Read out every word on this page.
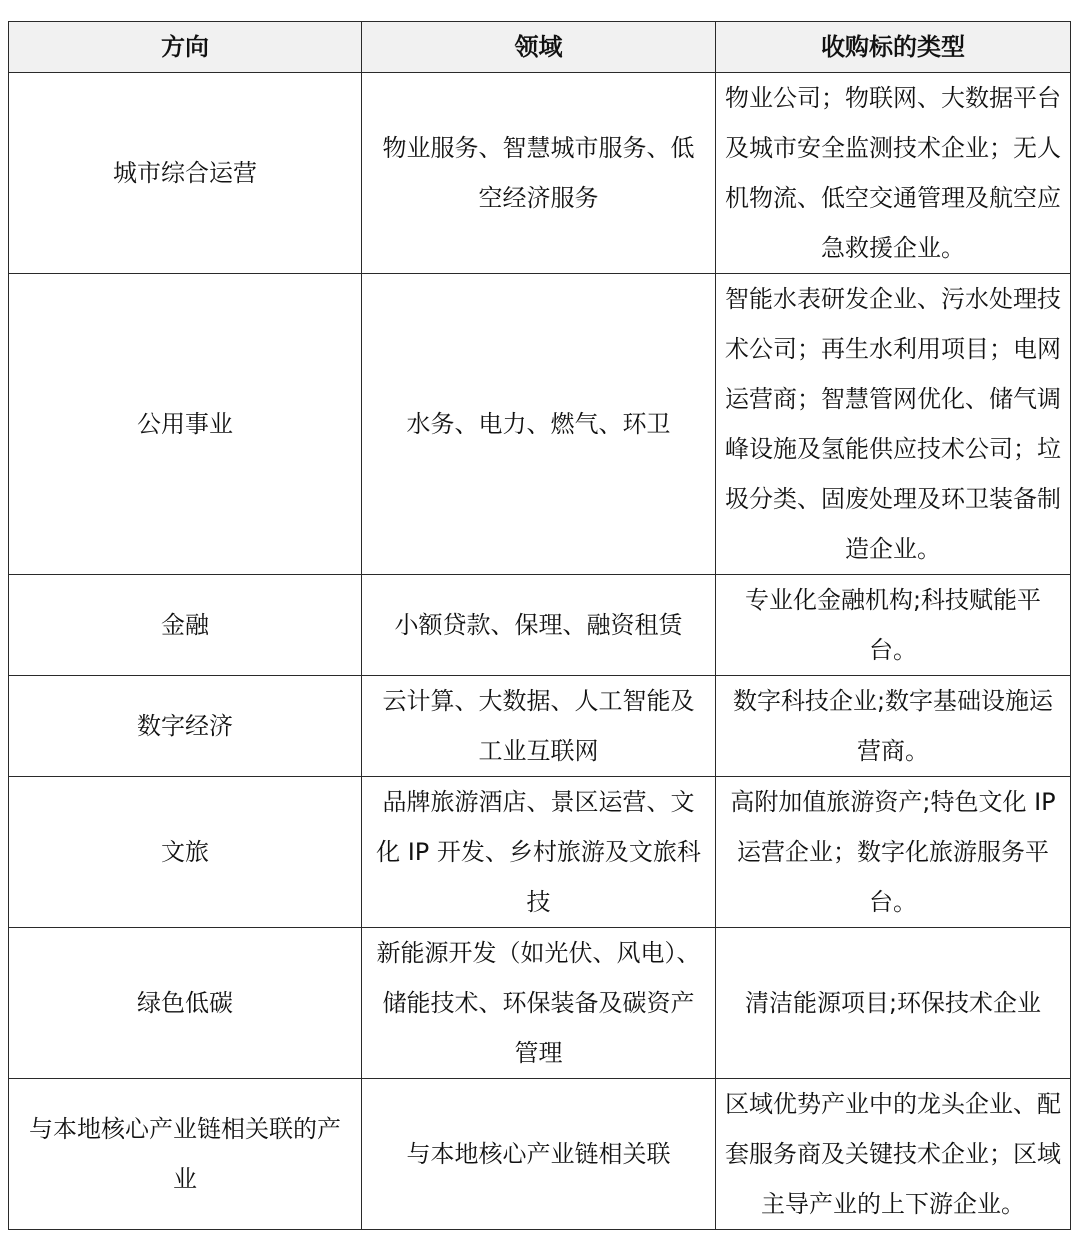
方向	领域	收购标的类型
城市综合运营	物业服务、智慧城市服务、低空经济服务	物业公司；物联网、大数据平台及城市安全监测技术企业；无人机物流、低空交通管理及航空应急救援企业。
公用事业	水务、电力、燃气、环卫	智能水表研发企业、污水处理技术公司；再生水利用项目；电网运营商；智慧管网优化、储气调峰设施及氢能供应技术公司；垃圾分类、固废处理及环卫装备制造企业。
金融	小额贷款、保理、融资租赁	专业化金融机构;科技赋能平台。
数字经济	云计算、大数据、人工智能及工业互联网	数字科技企业;数字基础设施运营商。
文旅	品牌旅游酒店、景区运营、文化 IP 开发、乡村旅游及文旅科技	高附加值旅游资产;特色文化 IP 运营企业；数字化旅游服务平台。
绿色低碳	新能源开发（如光伏、风电）、储能技术、环保装备及碳资产管理	清洁能源项目;环保技术企业
与本地核心产业链相关联的产业	与本地核心产业链相关联	区域优势产业中的龙头企业、配套服务商及关键技术企业；区域主导产业的上下游企业。
